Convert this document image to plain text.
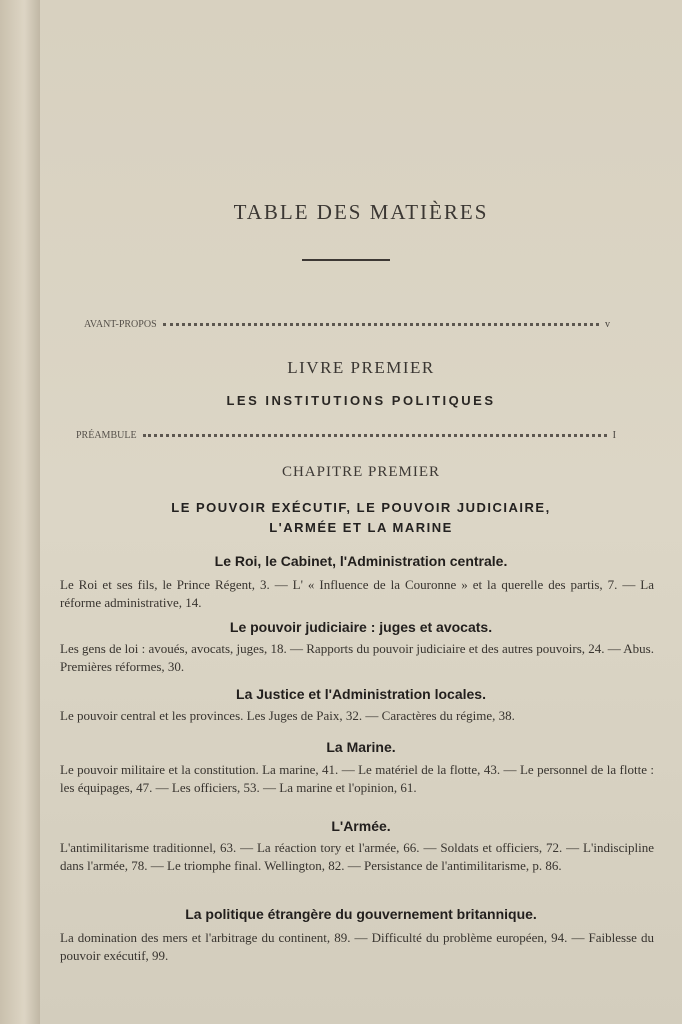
TABLE DES MATIÈRES
AVANT-PROPOS	v
LIVRE PREMIER
LES INSTITUTIONS POLITIQUES
PRÉAMBULE	I
CHAPITRE PREMIER
LE POUVOIR EXÉCUTIF, LE POUVOIR JUDICIAIRE,
L'ARMÉE ET LA MARINE
Le Roi, le Cabinet, l'Administration centrale.
Le Roi et ses fils, le Prince Régent, 3. — L' « Influence de la Couronne » et la querelle des partis, 7. — La réforme administrative, 14.
Le pouvoir judiciaire : juges et avocats.
Les gens de loi : avoués, avocats, juges, 18. — Rapports du pouvoir judiciaire et des autres pouvoirs, 24. — Abus. Premières réformes, 30.
La Justice et l'Administration locales.
Le pouvoir central et les provinces. Les Juges de Paix, 32. — Caractères du régime, 38.
La Marine.
Le pouvoir militaire et la constitution. La marine, 41. — Le matériel de la flotte, 43. — Le personnel de la flotte : les équipages, 47. — Les officiers, 53. — La marine et l'opinion, 61.
L'Armée.
L'antimilitarisme traditionnel, 63. — La réaction tory et l'armée, 66. — Soldats et officiers, 72. — L'indiscipline dans l'armée, 78. — Le triomphe final. Wellington, 82. — Persistance de l'antimilitarisme, p. 86.
La politique étrangère du gouvernement britannique.
La domination des mers et l'arbitrage du continent, 89. — Difficulté du problème européen, 94. — Faiblesse du pouvoir exécutif, 99.
